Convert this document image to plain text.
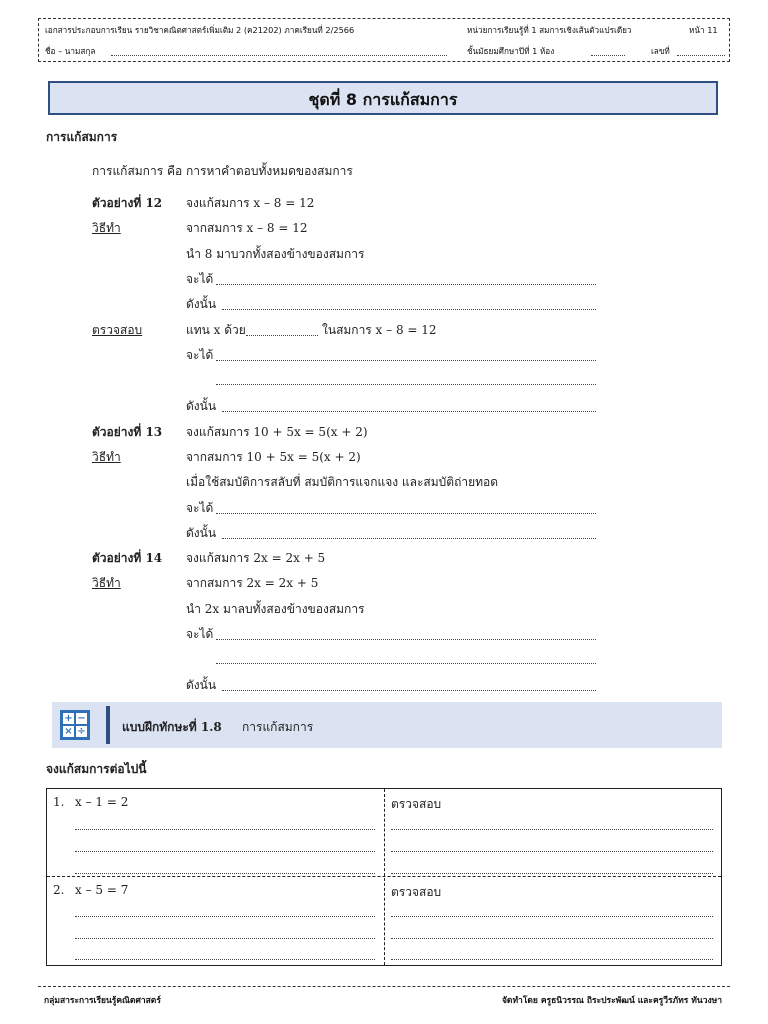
เอกสารประกอบการเรียน รายวิชาคณิตศาสตร์เพิ่มเติม 2 (ค21202) ภาคเรียนที่ 2/2566	หน่วยการเรียนรู้ที่ 1 สมการเชิงเส้นตัวแปรเดียว	หน้า 11
ชื่อ – นามสกุล	ชั้นมัธยมศึกษาปีที่ 1 ห้อง	เลขที่
ชุดที่ 8 การแก้สมการ
การแก้สมการ
การแก้สมการ คือ การหาคำตอบทั้งหมดของสมการ
ตัวอย่างที่ 12 จงแก้สมการ x – 8 = 12
วิธีทำ	จากสมการ x – 8 = 12
นำ 8 มาบวกทั้งสองข้างของสมการ
จะได้
ดังนั้น
ตรวจสอบ	แทน x ด้วย	ในสมการ x – 8 = 12
จะได้
ดังนั้น
ตัวอย่างที่ 13 จงแก้สมการ 10 + 5x = 5(x + 2)
วิธีทำ	จากสมการ 10 + 5x = 5(x + 2)
เมื่อใช้สมบัติการสลับที่ สมบัติการแจกแจง และสมบัติถ่ายทอด
จะได้
ดังนั้น
ตัวอย่างที่ 14 จงแก้สมการ 2x = 2x + 5
วิธีทำ	จากสมการ 2x = 2x + 5
นำ 2x มาลบทั้งสองข้างของสมการ
จะได้
ดังนั้น
+ −
× ÷	แบบฝึกทักษะที่ 1.8 การแก้สมการ
จงแก้สมการต่อไปนี้
1. x – 1 = 2	ตรวจสอบ
2. x – 5 = 7	ตรวจสอบ
กลุ่มสาระการเรียนรู้คณิตศาสตร์	จัดทำโดย ครูธนิวรรณ ถิระประพัฒน์ และครูวีรภัทร ทันวงษา
